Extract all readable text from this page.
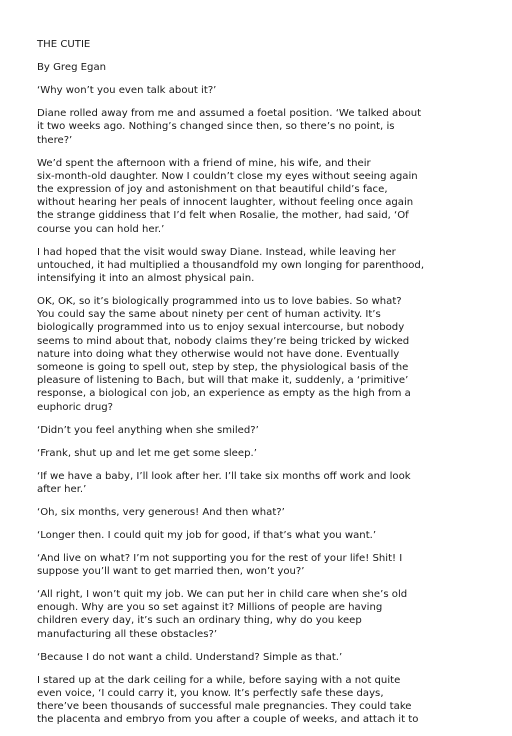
THE CUTIE

By Greg Egan

‘Why won’t you even talk about it?’

Diane rolled away from me and assumed a foetal position. ‘We talked about
it two weeks ago. Nothing’s changed since then, so there’s no point, is
there?’

We’d spent the afternoon with a friend of mine, his wife, and their
six-month-old daughter. Now I couldn’t close my eyes without seeing again
the expression of joy and astonishment on that beautiful child’s face,
without hearing her peals of innocent laughter, without feeling once again
the strange giddiness that I’d felt when Rosalie, the mother, had said, ‘Of
course you can hold her.’

I had hoped that the visit would sway Diane. Instead, while leaving her
untouched, it had multiplied a thousandfold my own longing for parenthood,
intensifying it into an almost physical pain.

OK, OK, so it’s biologically programmed into us to love babies. So what?
You could say the same about ninety per cent of human activity. It’s
biologically programmed into us to enjoy sexual intercourse, but nobody
seems to mind about that, nobody claims they’re being tricked by wicked
nature into doing what they otherwise would not have done. Eventually
someone is going to spell out, step by step, the physiological basis of the
pleasure of listening to Bach, but will that make it, suddenly, a ‘primitive’
response, a biological con job, an experience as empty as the high from a
euphoric drug?

‘Didn’t you feel anything when she smiled?’

‘Frank, shut up and let me get some sleep.’

‘If we have a baby, I’ll look after her. I’ll take six months off work and look
after her.’

‘Oh, six months, very generous! And then what?’

‘Longer then. I could quit my job for good, if that’s what you want.’

‘And live on what? I’m not supporting you for the rest of your life! Shit! I
suppose you’ll want to get married then, won’t you?’

‘All right, I won’t quit my job. We can put her in child care when she’s old
enough. Why are you so set against it? Millions of people are having
children every day, it’s such an ordinary thing, why do you keep
manufacturing all these obstacles?’

‘Because I do not want a child. Understand? Simple as that.’

I stared up at the dark ceiling for a while, before saying with a not quite
even voice, ‘I could carry it, you know. It’s perfectly safe these days,
there’ve been thousands of successful male pregnancies. They could take
the placenta and embryo from you after a couple of weeks, and attach it to
